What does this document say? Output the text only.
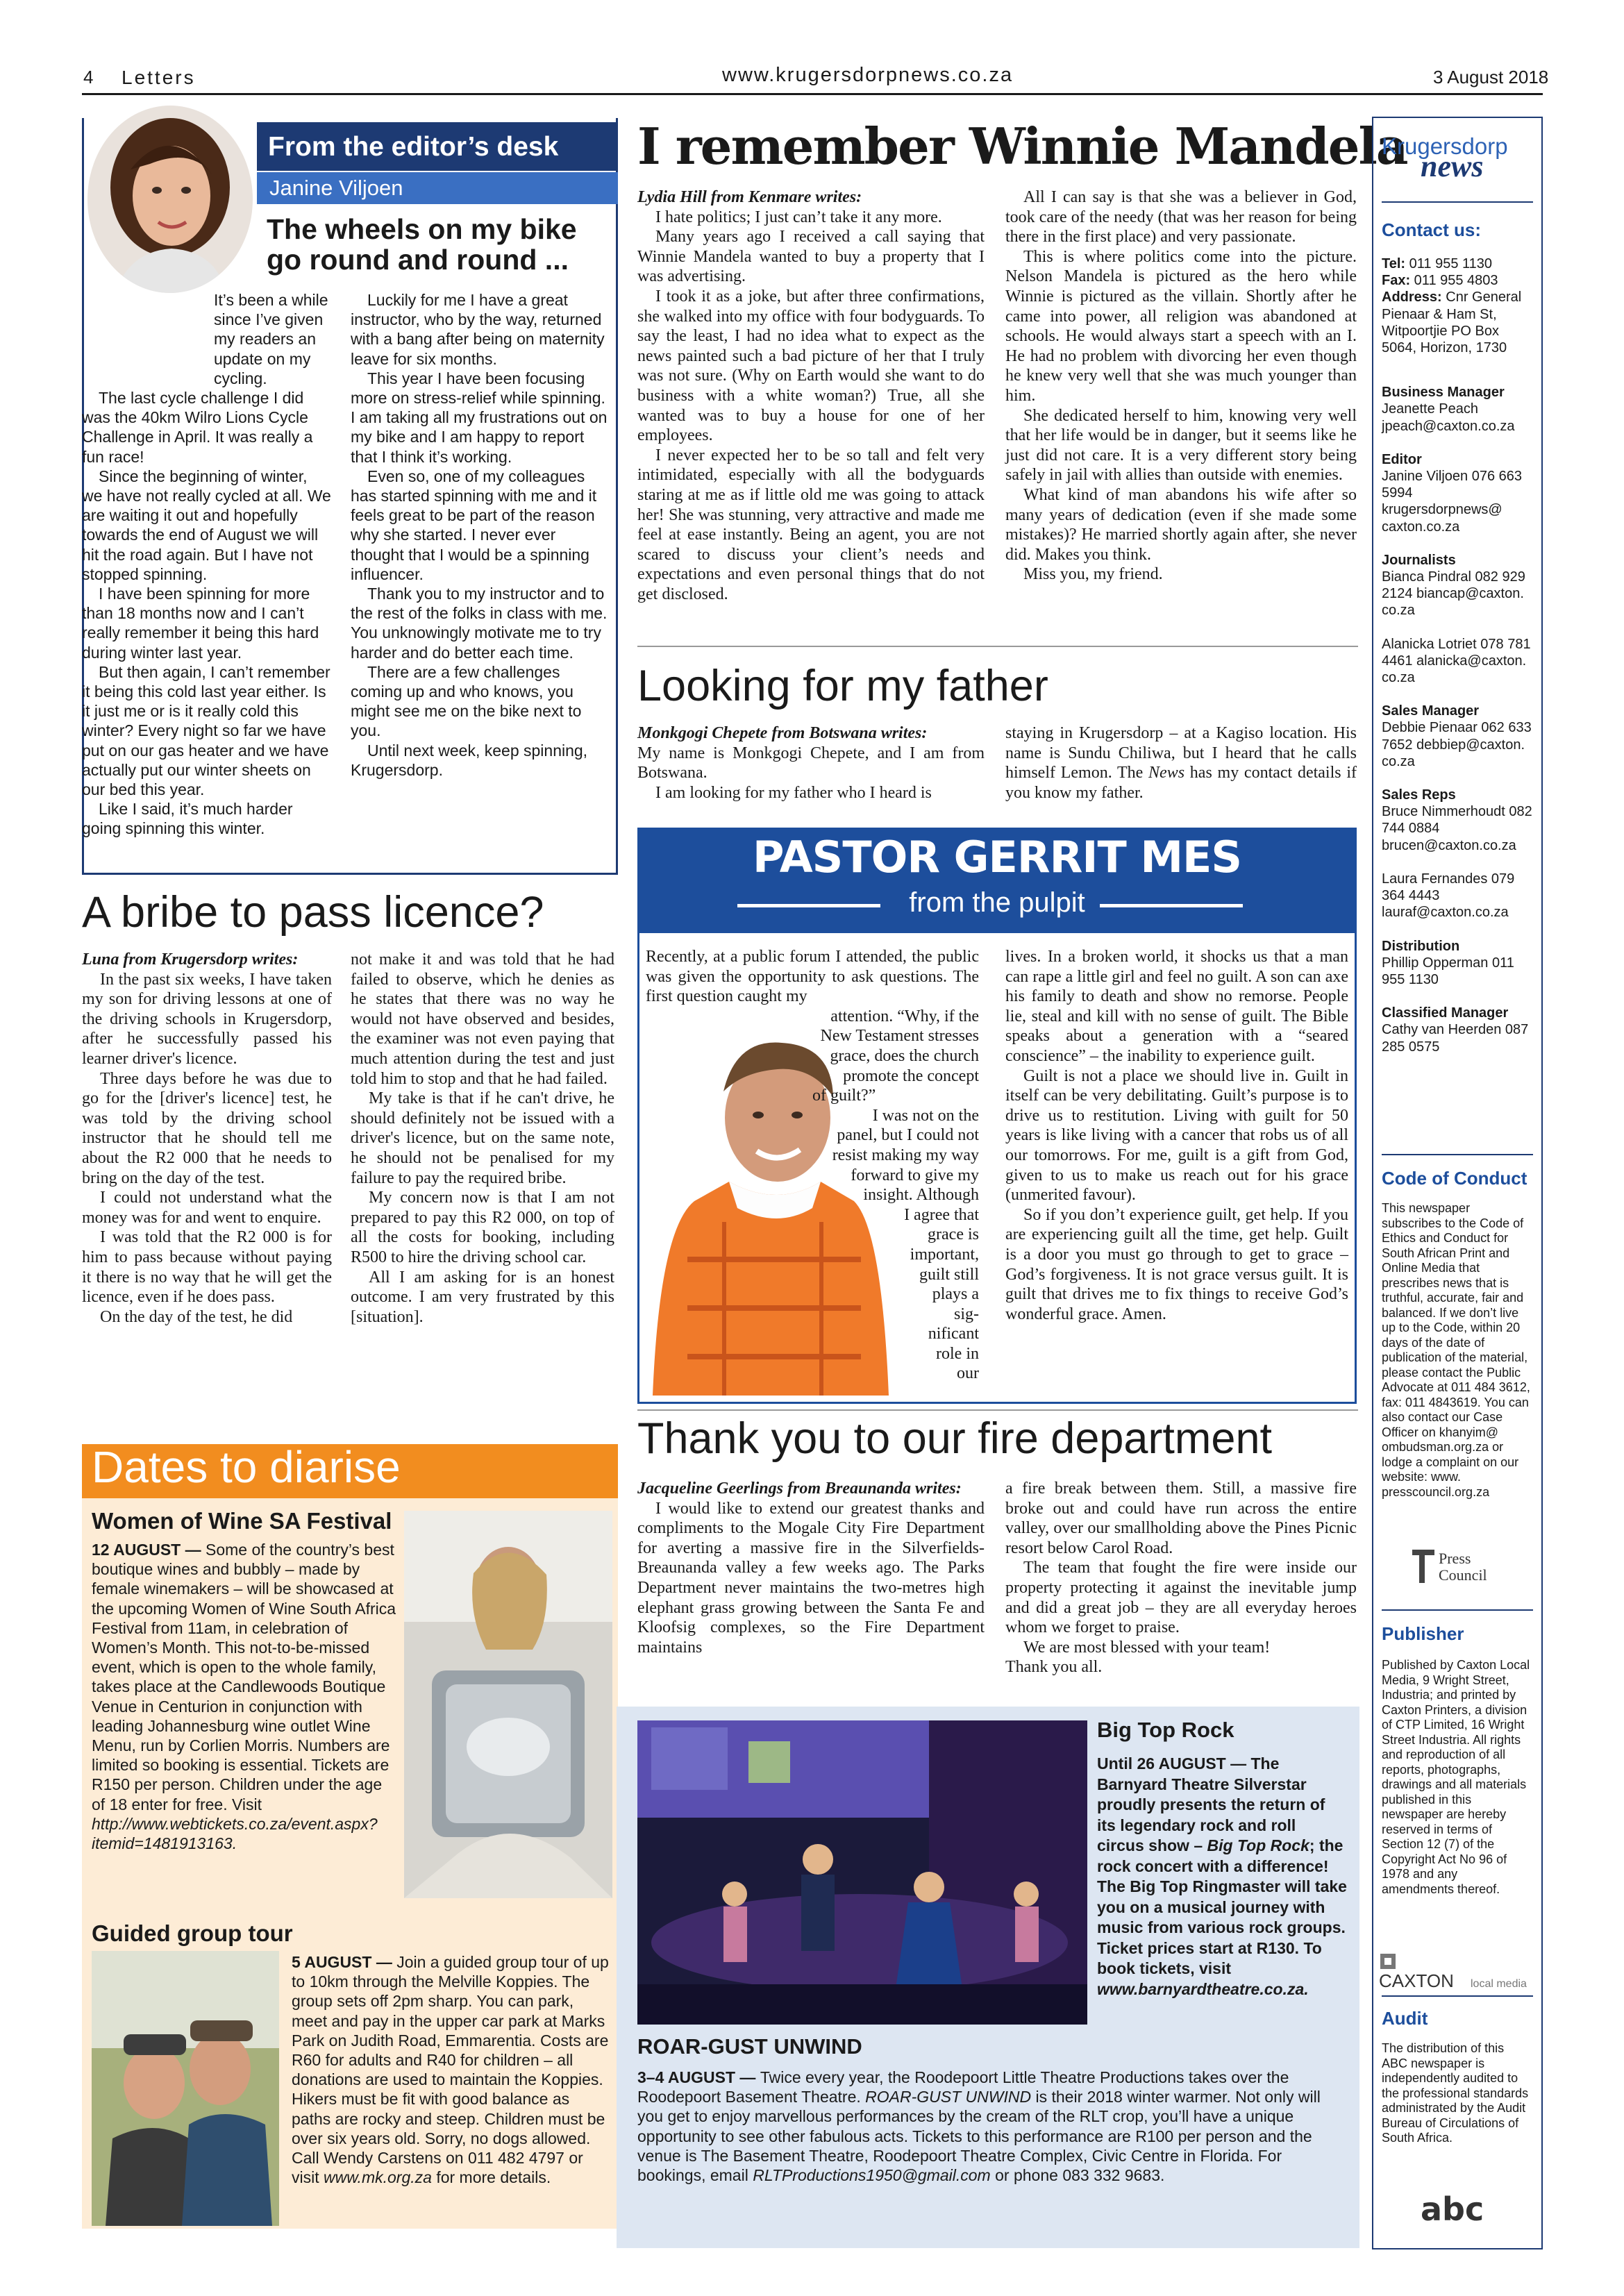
4 Letters	www.krugersdorpnews.co.za	3 August 2018
From the editor’s desk
Janine Viljoen
The wheels on my bike go round and round ...

It’s been a while since I’ve given my readers an update on my cycling.

The last cycle challenge I did was the 40km Wilro Lions Cycle Challenge in April. It was really a fun race!

Since the beginning of winter, we have not really cycled at all. We are waiting it out and hopefully towards the end of August we will hit the road again. But I have not stopped spinning.

I have been spinning for more than 18 months now and I can’t really remember it being this hard during winter last year.

But then again, I can’t remember it being this cold last year either. Is it just me or is it really cold this winter? Every night so far we have put on our gas heater and we have actually put our winter sheets on our bed this year.

Like I said, it’s much harder going spinning this winter.

Luckily for me I have a great instructor, who by the way, returned with a bang after being on maternity leave for six months.

This year I have been focusing more on stress-relief while spinning. I am taking all my frustrations out on my bike and I am happy to report that I think it’s working.

Even so, one of my colleagues has started spinning with me and it feels great to be part of the reason why she started. I never ever thought that I would be a spinning influencer.

Thank you to my instructor and to the rest of the folks in class with me. You unknowingly motivate me to try harder and do better each time.

There are a few challenges coming up and who knows, you might see me on the bike next to you.

Until next week, keep spinning, Krugersdorp.

I remember Winnie Mandela

Lydia Hill from Kenmare writes:

I hate politics; I just can’t take it any more.

Many years ago I received a call saying that Winnie Mandela wanted to buy a property that I was advertising.

I took it as a joke, but after three confirmations, she walked into my office with four bodyguards. To say the least, I had no idea what to expect as the news painted such a bad picture of her that I truly was not sure. (Why on Earth would she want to do business with a white woman?) True, all she wanted was to buy a house for one of her employees.

I never expected her to be so tall and felt very intimidated, especially with all the bodyguards staring at me as if little old me was going to attack her! She was stunning, very attractive and made me feel at ease instantly. Being an agent, you are not scared to discuss your client’s needs and expectations and even personal things that do not get disclosed.

All I can say is that she was a believer in God, took care of the needy (that was her reason for being there in the first place) and very passionate.

This is where politics come into the picture. Nelson Mandela is pictured as the hero while Winnie is pictured as the villain. Shortly after he came into power, all religion was abandoned at schools. He would always start a speech with an I. He had no problem with divorcing her even though he knew very well that she was much younger than him.

She dedicated herself to him, knowing very well that her life would be in danger, but it seems like he just did not care. It is a very different story being safely in jail with allies than outside with enemies.

What kind of man abandons his wife after so many years of dedication (even if she made some mistakes)? He married shortly again after, she never did. Makes you think.

Miss you, my friend.

Looking for my father

Monkgogi Chepete from Botswana writes:

My name is Monkgogi Chepete, and I am from Botswana.

I am looking for my father who I heard is

staying in Krugersdorp – at a Kagiso location. His name is Sundu Chiliwa, but I heard that he calls himself Lemon. The News has my contact details if you know my father.

PASTOR GERRIT MES
from the pulpit

Recently, at a public forum I attended, the public was given the opportunity to ask questions. The first question caught my

attention. “Why, if the

New Testament stresses

grace, does the church

promote the concept

of guilt?”

I was not on the

panel, but I could not

resist making my way

forward to give my

insight. Although

I agree that

grace is

important,

guilt still

plays a

sig-

nificant

role in

our

lives. In a broken world, it shocks us that a man can rape a little girl and feel no guilt. A son can axe his family to death and show no remorse. People lie, steal and kill with no sense of guilt. The Bible speaks about a generation with a “seared conscience” – the inability to experience guilt.

Guilt is not a place we should live in. Guilt in itself can be very debilitating. Guilt’s purpose is to drive us to restitution. Living with guilt for 50 years is like living with a cancer that robs us of all our tomorrows. For me, guilt is a gift from God, given to us to make us reach out for his grace (unmerited favour).

So if you don’t experience guilt, get help. If you are experiencing guilt all the time, get help. Guilt is a door you must go through to get to grace – God’s forgiveness. It is not grace versus guilt. It is guilt that drives me to fix things to receive God’s wonderful grace. Amen.

A bribe to pass licence?

Luna from Krugersdorp writes:

In the past six weeks, I have taken my son for driving lessons at one of the driving schools in Krugersdorp, after he successfully passed his learner driver's licence.

Three days before he was due to go for the [driver's licence] test, he was told by the driving school instructor that he should tell me about the R2 000 that he needs to bring on the day of the test.

I could not understand what the money was for and went to enquire.

I was told that the R2 000 is for him to pass because without paying it there is no way that he will get the licence, even if he does pass.

On the day of the test, he did

not make it and was told that he had failed to observe, which he denies as he states that there was no way he would not have observed and besides, the examiner was not even paying that much attention during the test and just told him to stop and that he had failed.

My take is that if he can't drive, he should definitely not be issued with a driver's licence, but on the same note, he should not be penalised for my failure to pay the required bribe.

My concern now is that I am not prepared to pay this R2 000, on top of all the costs for booking, including R500 to hire the driving school car.

All I am asking for is an honest outcome. I am very frustrated by this [situation].

Dates to diarise
Women of Wine SA Festival

12 AUGUST — Some of the country’s best boutique wines and bubbly – made by female winemakers – will be showcased at the upcoming Women of Wine South Africa Festival from 11am, in celebration of Women’s Month. This not-to-be-missed event, which is open to the whole family, takes place at the Candlewoods Boutique Venue in Centurion in conjunction with leading Johannesburg wine outlet Wine Menu, run by Corlien Morris. Numbers are limited so booking is essential. Tickets are R150 per person. Children under the age of 18 enter for free. Visit http://www.webtickets.co.za/event.aspx?itemid=1481913163.

Guided group tour

5 AUGUST — Join a guided group tour of up to 10km through the Melville Koppies. The group sets off 2pm sharp. You can park, meet and pay in the upper car park at Marks Park on Judith Road, Emmarentia. Costs are R60 for adults and R40 for children – all donations are used to maintain the Koppies. Hikers must be fit with good balance as paths are rocky and steep. Children must be over six years old. Sorry, no dogs allowed. Call Wendy Carstens on 011 482 4797 or visit www.mk.org.za for more details.

Thank you to our fire department

Jacqueline Geerlings from Breaunanda writes:

I would like to extend our greatest thanks and compliments to the Mogale City Fire Department for averting a massive fire in the Silverfields-Breaunanda valley a few weeks ago. The Parks Department never maintains the two-metres high elephant grass growing between the Santa Fe and Kloofsig complexes, so the Fire Department maintains

a fire break between them. Still, a massive fire broke out and could have run across the entire valley, over our smallholding above the Pines Picnic resort below Carol Road.

The team that fought the fire were inside our property protecting it against the inevitable jump and did a great job – they are all everyday heroes whom we forget to praise.

We are most blessed with your team!

Thank you all.

Big Top Rock
Until 26 AUGUST — The Barnyard Theatre Silverstar proudly presents the return of its legendary rock and roll circus show – Big Top Rock; the rock concert with a difference! The Big Top Ringmaster will take you on a musical journey with music from various rock groups. Ticket prices start at R130. To book tickets, visit www.barnyardtheatre.co.za.
ROAR-GUST UNWIND

3–4 AUGUST — Twice every year, the Roodepoort Little Theatre Productions takes over the Roodepoort Basement Theatre. ROAR-GUST UNWIND is their 2018 winter warmer. Not only will you get to enjoy marvellous performances by the cream of the RLT crop, you’ll have a unique opportunity to see other fabulous acts. Tickets to this performance are R100 per person and the venue is The Basement Theatre, Roodepoort Theatre Complex, Civic Centre in Florida. For bookings, email RLTProductions1950@gmail.com or phone 083 332 9683.

Krugersdorp
news
Contact us:

Tel: 011 955 1130
Fax: 011 955 4803
Address: Cnr General Pienaar & Ham St, Witpoortjie PO Box 5064, Horizon, 1730

Business Manager
Jeanette Peach jpeach@caxton.co.za

Editor
Janine Viljoen 076 663 5994 krugersdorpnews@ caxton.co.za

Journalists
Bianca Pindral 082 929 2124 biancap@caxton. co.za

Alanicka Lotriet 078 781 4461 alanicka@caxton. co.za

Sales Manager
Debbie Pienaar 062 633 7652 debbiep@caxton. co.za

Sales Reps
Bruce Nimmerhoudt 082 744 0884 brucen@caxton.co.za

Laura Fernandes 079 364 4443 lauraf@caxton.co.za

Distribution
Phillip Opperman 011 955 1130

Classified Manager
Cathy van Heerden 087 285 0575

Code of Conduct
This newspaper subscribes to the Code of Ethics and Conduct for South African Print and Online Media that prescribes news that is truthful, accurate, fair and balanced. If we don’t live up to the Code, within 20 days of the date of publication of the material, please contact the Public Advocate at 011 484 3612, fax: 011 4843619. You can also contact our Case Officer on khanyim@ ombudsman.org.za or lodge a complaint on our website: www. presscouncil.org.za
Press
Council
Publisher
Published by Caxton Local Media, 9 Wright Street, Industria; and printed by Caxton Printers, a division of CTP Limited, 16 Wright Street Industria. All rights and reproduction of all reports, photographs, drawings and all materials published in this newspaper are hereby reserved in terms of Section 12 (7) of the Copyright Act No 96 of 1978 and any amendments thereof.
CAXTON local media
Audit
The distribution of this ABC newspaper is independently audited to the professional standards administrated by the Audit Bureau of Circulations of South Africa.
abc
